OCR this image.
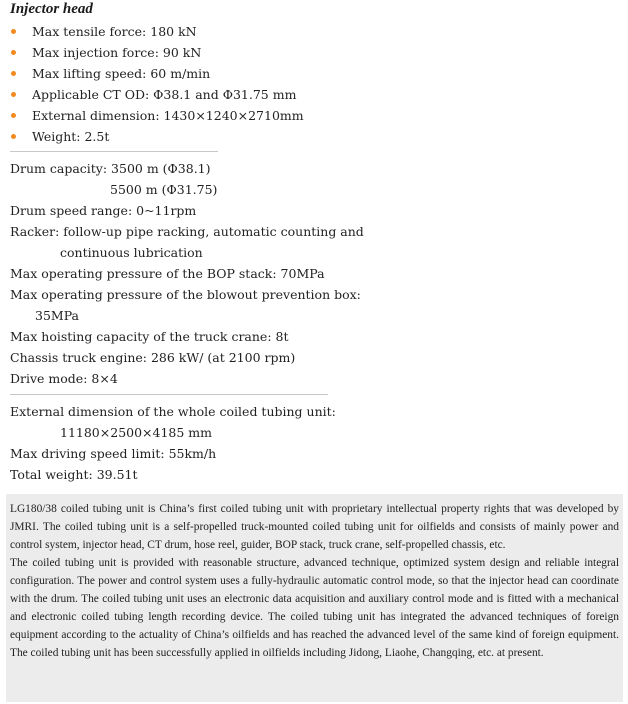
Injector head
Max tensile force: 180 kN
Max injection force: 90 kN
Max lifting speed: 60 m/min
Applicable CT OD: Φ38.1 and Φ31.75 mm
External dimension: 1430×1240×2710mm
Weight: 2.5t
Drum capacity: 3500 m (Φ38.1)
5500 m (Φ31.75)
Drum speed range: 0~11rpm
Racker: follow-up pipe racking, automatic counting and
continuous lubrication
Max operating pressure of the BOP stack: 70MPa
Max operating pressure of the blowout prevention box:
35MPa
Max hoisting capacity of the truck crane: 8t
Chassis truck engine: 286 kW/ (at 2100 rpm)
Drive mode: 8×4
External dimension of the whole coiled tubing unit:
11180×2500×4185 mm
Max driving speed limit: 55km/h
Total weight: 39.51t

LG180/38 coiled tubing unit is China’s first coiled tubing unit with proprietary intellectual property rights that was developed by JMRI. The coiled tubing unit is a self-propelled truck-mounted coiled tubing unit for oilfields and consists of mainly power and control system, injector head, CT drum, hose reel, guider, BOP stack, truck crane, self-propelled chassis, etc.

The coiled tubing unit is provided with reasonable structure, advanced technique, optimized system design and reliable integral configuration. The power and control system uses a fully-hydraulic automatic control mode, so that the injector head can coordinate with the drum. The coiled tubing unit uses an electronic data acquisition and auxiliary control mode and is fitted with a mechanical and electronic coiled tubing length recording device. The coiled tubing unit has integrated the advanced techniques of foreign equipment according to the actuality of China’s oilfields and has reached the advanced level of the same kind of foreign equipment. The coiled tubing unit has been successfully applied in oilfields including Jidong, Liaohe, Changqing, etc. at present.
